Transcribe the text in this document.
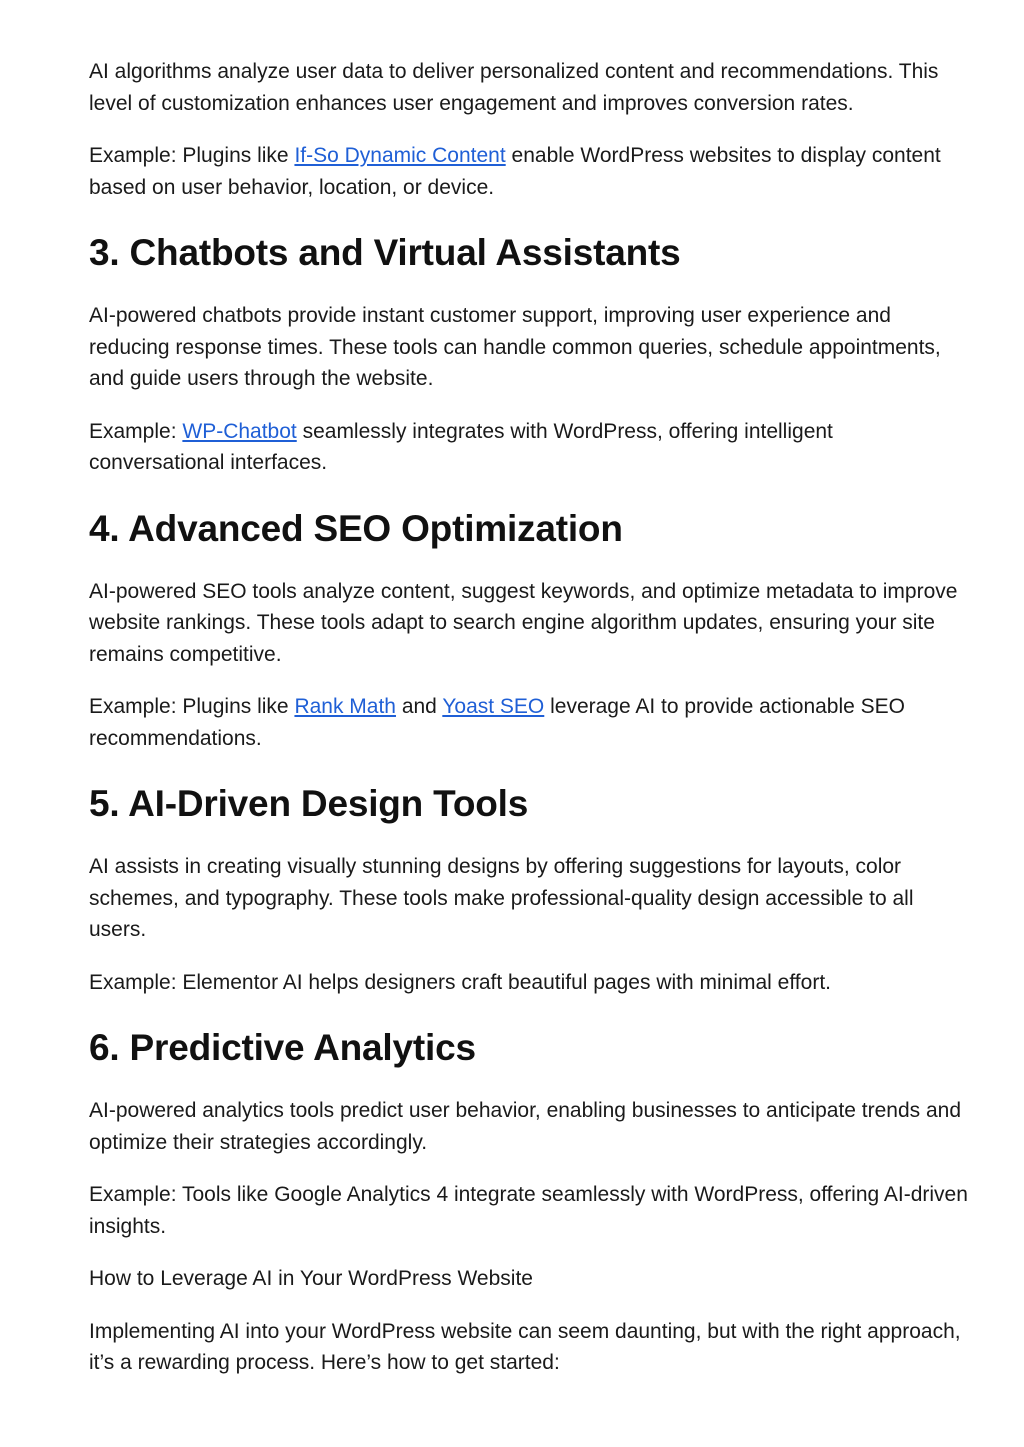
AI algorithms analyze user data to deliver personalized content and recommendations. This level of customization enhances user engagement and improves conversion rates.

Example: Plugins like If-So Dynamic Content enable WordPress websites to display content based on user behavior, location, or device.

3. Chatbots and Virtual Assistants

AI-powered chatbots provide instant customer support, improving user experience and reducing response times. These tools can handle common queries, schedule appointments, and guide users through the website.

Example: WP-Chatbot seamlessly integrates with WordPress, offering intelligent conversational interfaces.

4. Advanced SEO Optimization

AI-powered SEO tools analyze content, suggest keywords, and optimize metadata to improve website rankings. These tools adapt to search engine algorithm updates, ensuring your site remains competitive.

Example: Plugins like Rank Math and Yoast SEO leverage AI to provide actionable SEO recommendations.

5. AI-Driven Design Tools

AI assists in creating visually stunning designs by offering suggestions for layouts, color schemes, and typography. These tools make professional-quality design accessible to all users.

Example: Elementor AI helps designers craft beautiful pages with minimal effort.

6. Predictive Analytics

AI-powered analytics tools predict user behavior, enabling businesses to anticipate trends and optimize their strategies accordingly.

Example: Tools like Google Analytics 4 integrate seamlessly with WordPress, offering AI-driven insights.

How to Leverage AI in Your WordPress Website

Implementing AI into your WordPress website can seem daunting, but with the right approach, it’s a rewarding process. Here’s how to get started:
